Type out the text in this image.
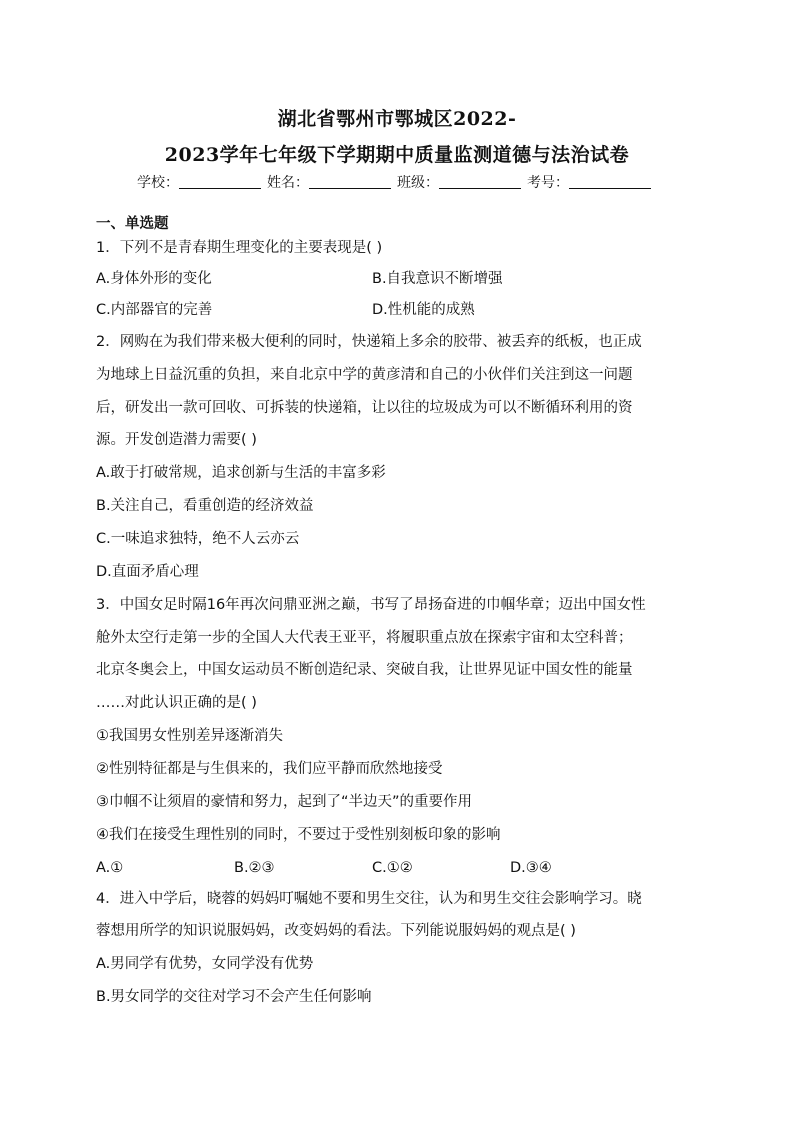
湖北省鄂州市鄂城区2022-
2023学年七年级下学期期中质量监测道德与法治试卷
学校：	姓名：	班级：	考号：
一、单选题
1．下列不是青春期生理变化的主要表现是( )
A.身体外形的变化	B.自我意识不断增强
C.内部器官的完善	D.性机能的成熟
2．网购在为我们带来极大便利的同时，快递箱上多余的胶带、被丢弃的纸板，也正成
为地球上日益沉重的负担，来自北京中学的黄彦清和自己的小伙伴们关注到这一问题
后，研发出一款可回收、可拆装的快递箱，让以往的垃圾成为可以不断循环利用的资
源。开发创造潜力需要( )
A.敢于打破常规，追求创新与生活的丰富多彩
B.关注自己，看重创造的经济效益
C.一味追求独特，绝不人云亦云
D.直面矛盾心理
3．中国女足时隔16年再次问鼎亚洲之巅，书写了昂扬奋进的巾帼华章；迈出中国女性
舱外太空行走第一步的全国人大代表王亚平，将履职重点放在探索宇宙和太空科普；
北京冬奥会上，中国女运动员不断创造纪录、突破自我，让世界见证中国女性的能量
……对此认识正确的是( )
①我国男女性别差异逐渐消失
②性别特征都是与生俱来的，我们应平静而欣然地接受
③巾帼不让须眉的豪情和努力，起到了“半边天”的重要作用
④我们在接受生理性别的同时，不要过于受性别刻板印象的影响
A.①	B.②③	C.①②	D.③④
4．进入中学后，晓蓉的妈妈叮嘱她不要和男生交往，认为和男生交往会影响学习。晓
蓉想用所学的知识说服妈妈，改变妈妈的看法。下列能说服妈妈的观点是( )
A.男同学有优势，女同学没有优势
B.男女同学的交往对学习不会产生任何影响
